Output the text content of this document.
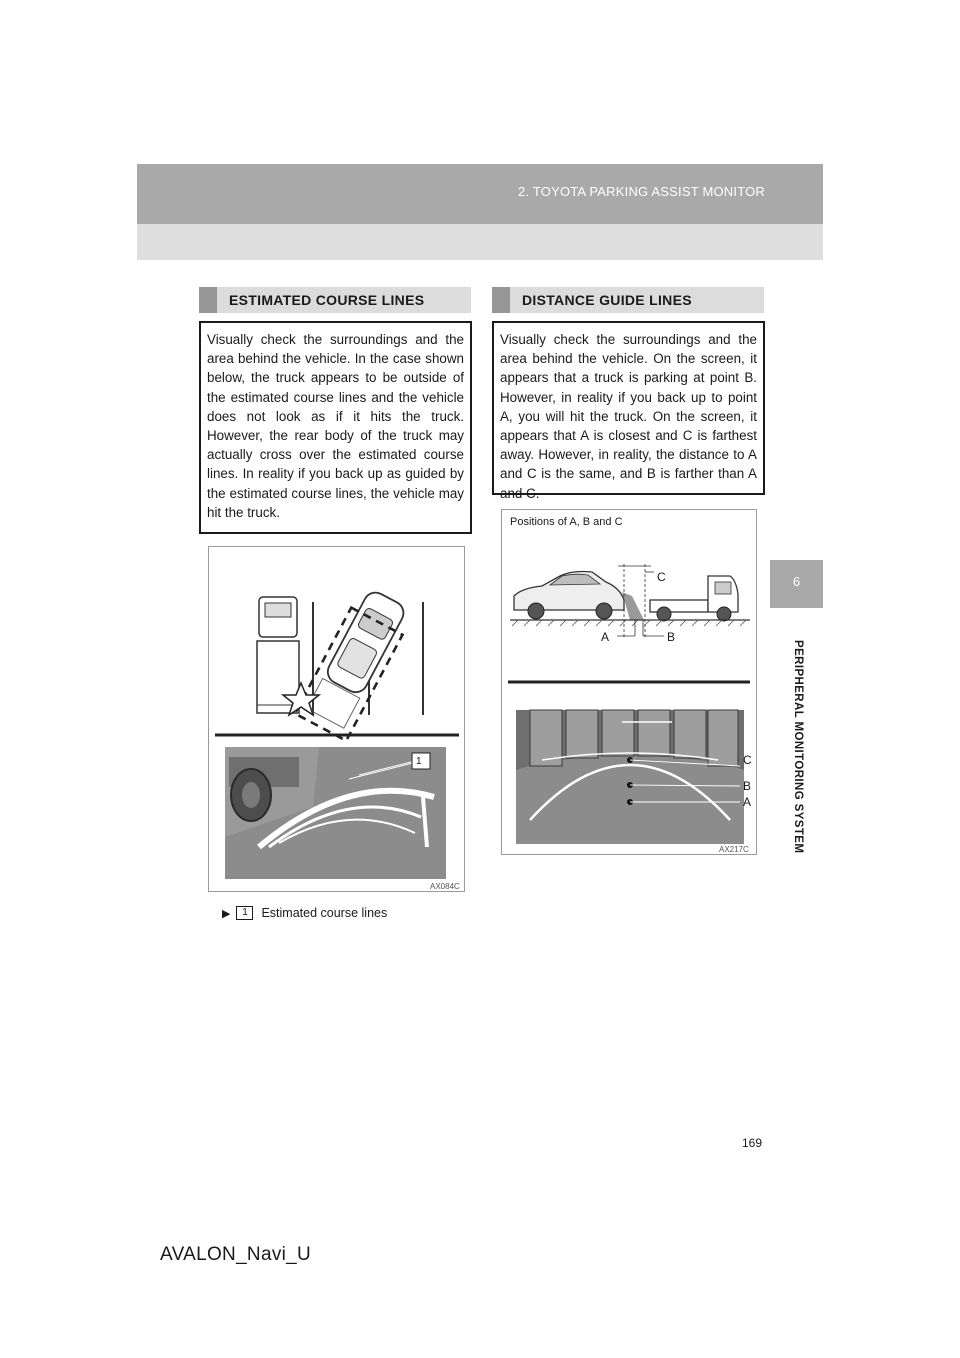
2. TOYOTA PARKING ASSIST MONITOR
6
PERIPHERAL MONITORING SYSTEM
ESTIMATED COURSE LINES
Visually check the surroundings and the area behind the vehicle. In the case shown below, the truck appears to be outside of the estimated course lines and the vehicle does not look as if it hits the truck. However, the rear body of the truck may actually cross over the estimated course lines. In reality if you back up as guided by the estimated course lines, the vehicle may hit the truck.
1
AX084C
▶	1	Estimated course lines
DISTANCE GUIDE LINES
Visually check the surroundings and the area behind the vehicle. On the screen, it appears that a truck is parking at point B. However, in reality if you back up to point A, you will hit the truck. On the screen, it appears that A is closest and C is farthest away. However, in reality, the distance to A and C is the same, and B is farther than A and C.
Positions of A, B and C
C
A	B
C
B
A
AX217C
169
AVALON_Navi_U
